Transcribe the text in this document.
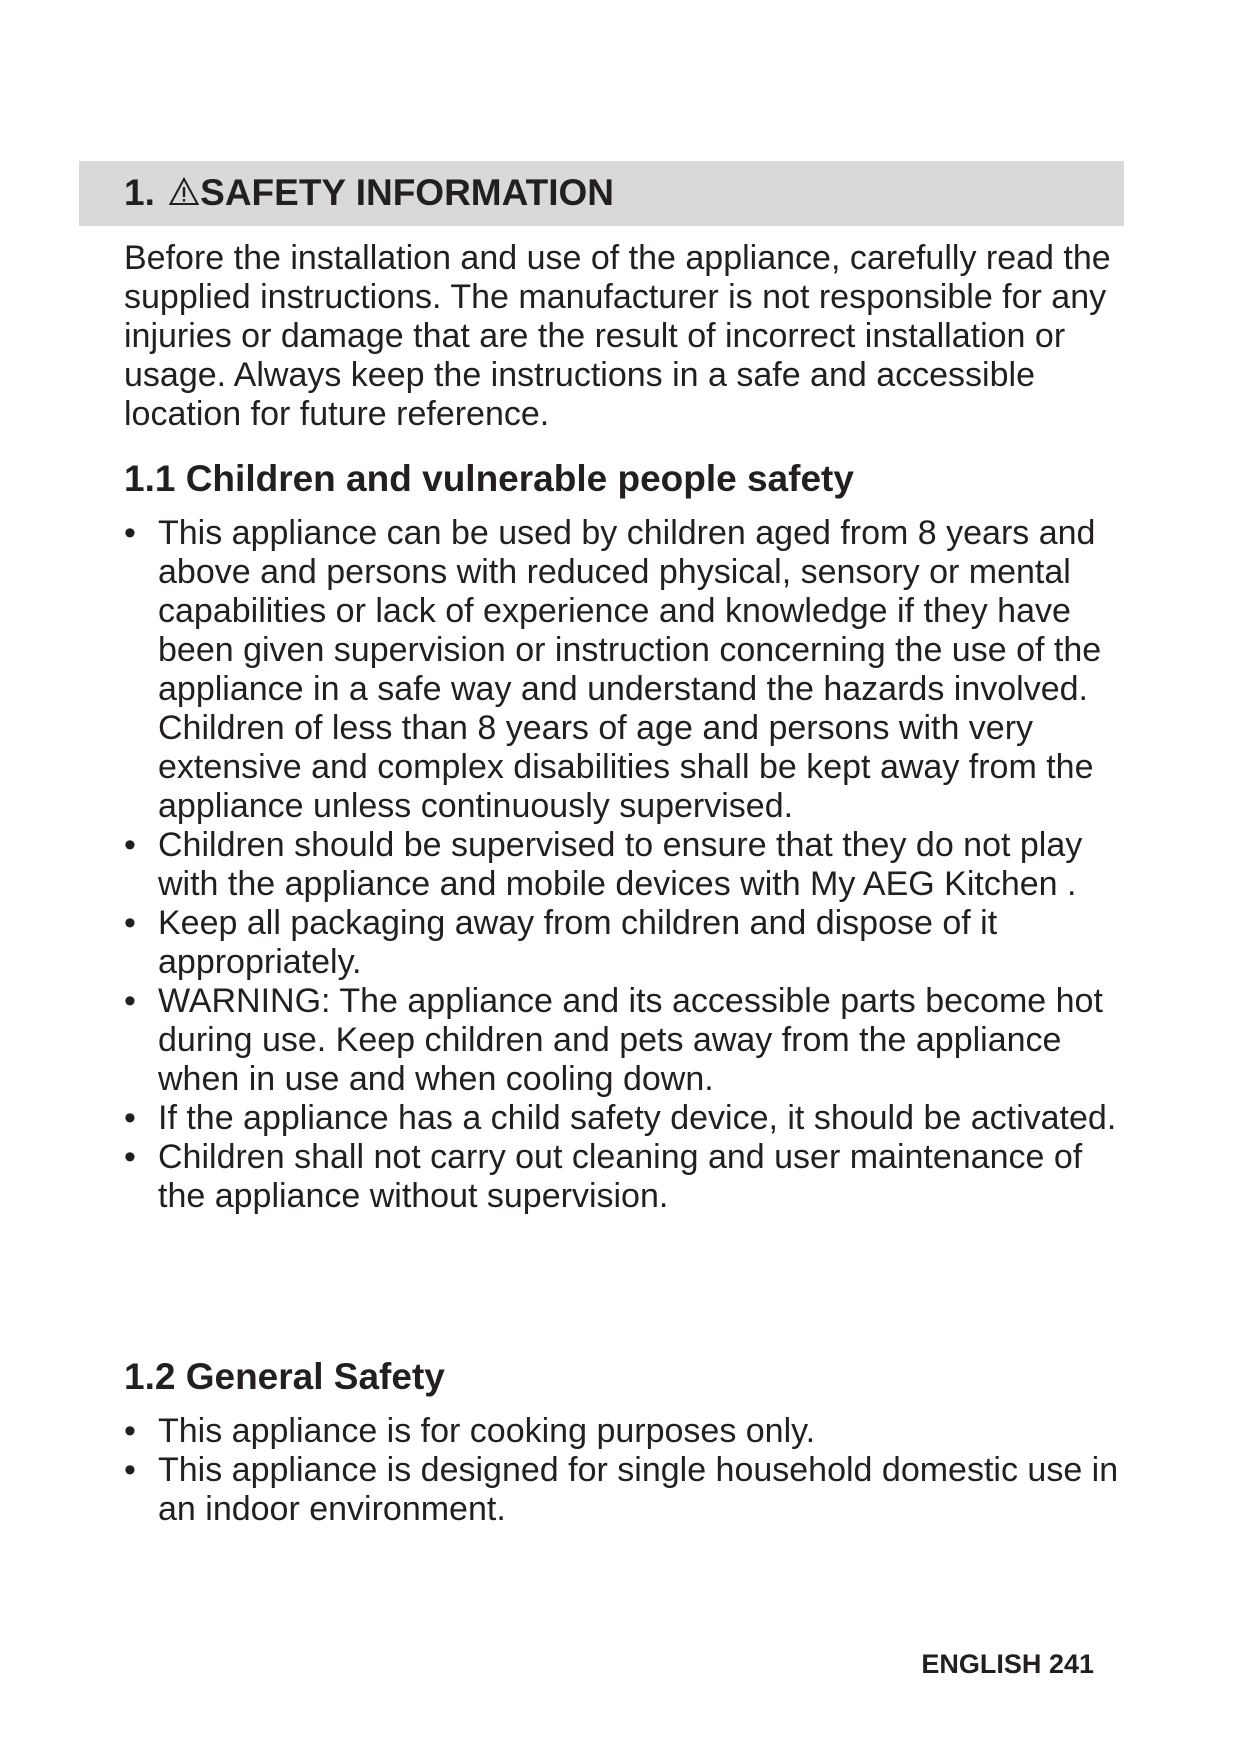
1. SAFETY INFORMATION

Before the installation and use of the appliance, carefully read the supplied instructions. The manufacturer is not responsible for any injuries or damage that are the result of incorrect installation or usage. Always keep the instructions in a safe and accessible location for future reference.

1.1 Children and vulnerable people safety
• This appliance can be used by children aged from 8 years and above and persons with reduced physical, sensory or mental capabilities or lack of experience and knowledge if they have been given supervision or instruction concerning the use of the appliance in a safe way and understand the hazards involved. Children of less than 8 years of age and persons with very extensive and complex disabilities shall be kept away from the appliance unless continuously supervised.
• Children should be supervised to ensure that they do not play with the appliance and mobile devices with My AEG Kitchen .
• Keep all packaging away from children and dispose of it appropriately.
• WARNING: The appliance and its accessible parts become hot during use. Keep children and pets away from the appliance when in use and when cooling down.
• If the appliance has a child safety device, it should be activated.
• Children shall not carry out cleaning and user maintenance of the appliance without supervision.
1.2 General Safety
• This appliance is for cooking purposes only.
• This appliance is designed for single household domestic use in an indoor environment.
ENGLISH 241
